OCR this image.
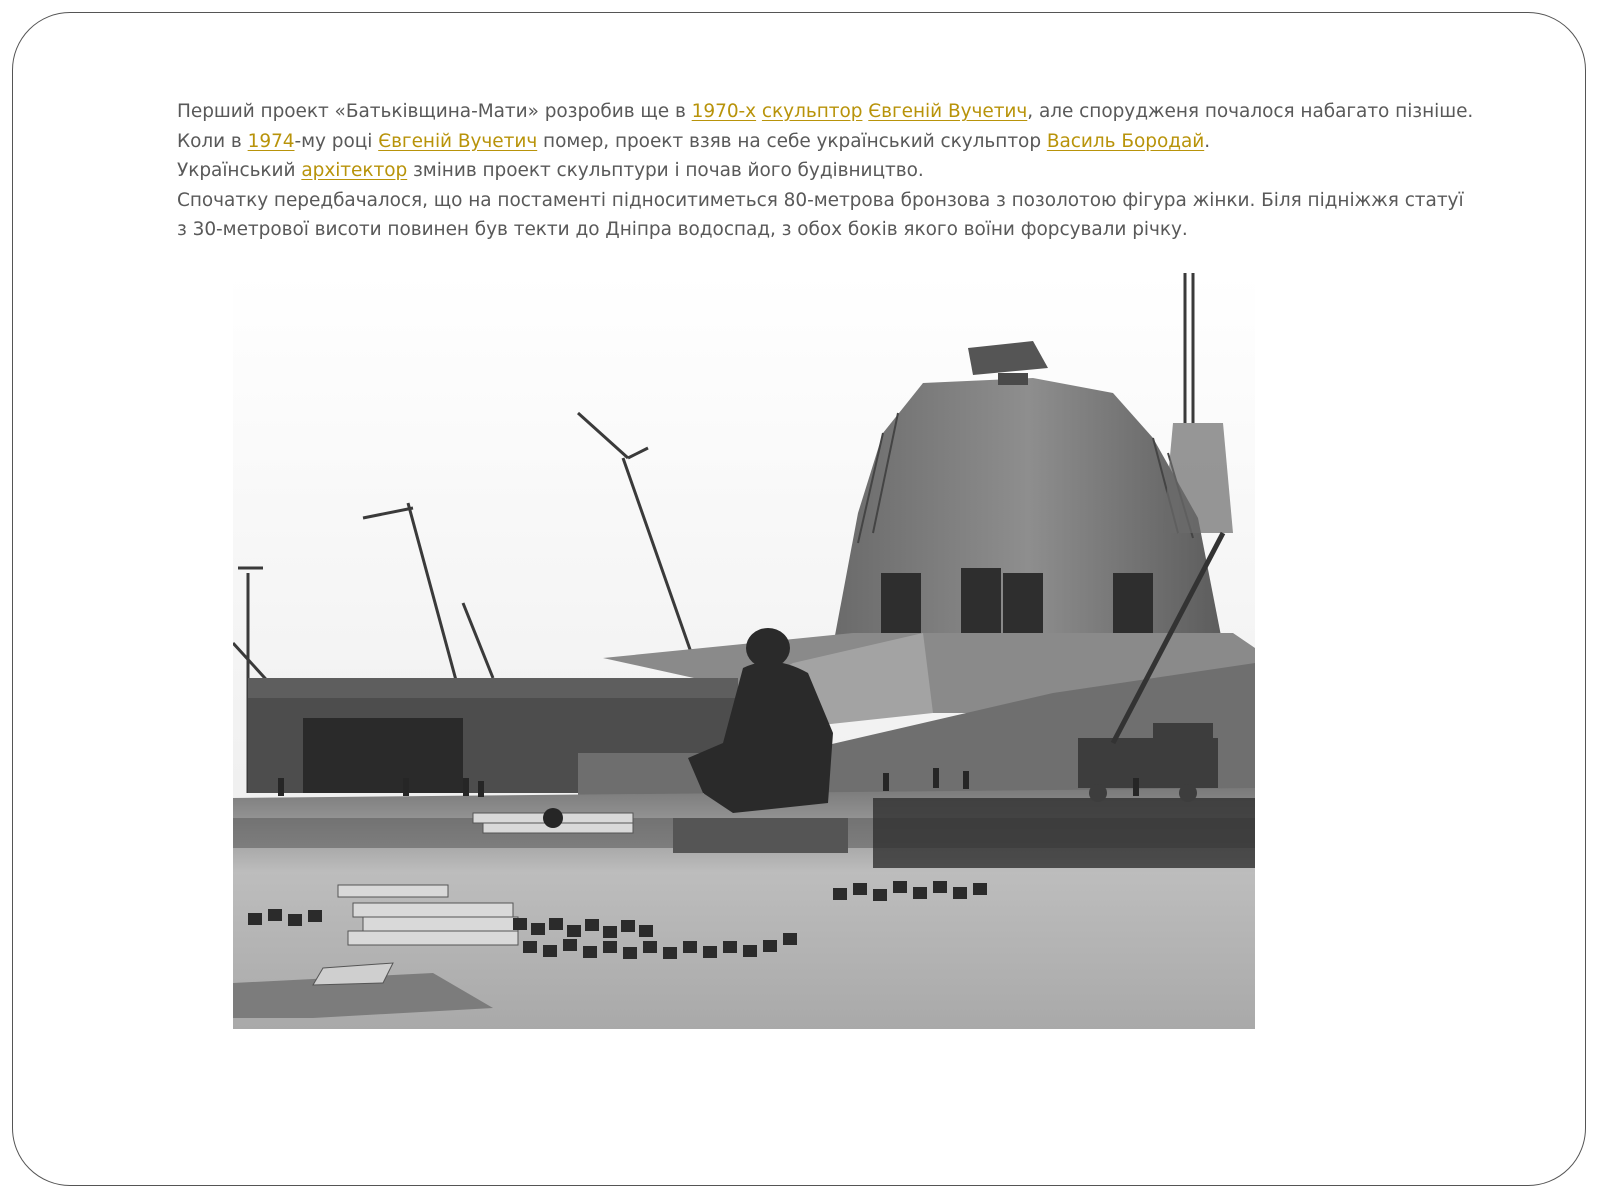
Перший проект «Батьківщина-Мати» розробив ще в 1970-х скульптор Євгеній Вучетич, але спорудженя почалося набагато пізніше. Коли в 1974-му році Євгеній Вучетич помер, проект взяв на себе український скульптор Василь Бородай.

Український архітектор змінив проект скульптури і почав його будівництво.

Спочатку передбачалося, що на постаменті підноситиметься 80-метрова бронзова з позолотою фігура жінки. Біля підніжжя статуї з 30-метрової висоти повинен був текти до Дніпра водоспад, з обох боків якого воїни форсували річку.
